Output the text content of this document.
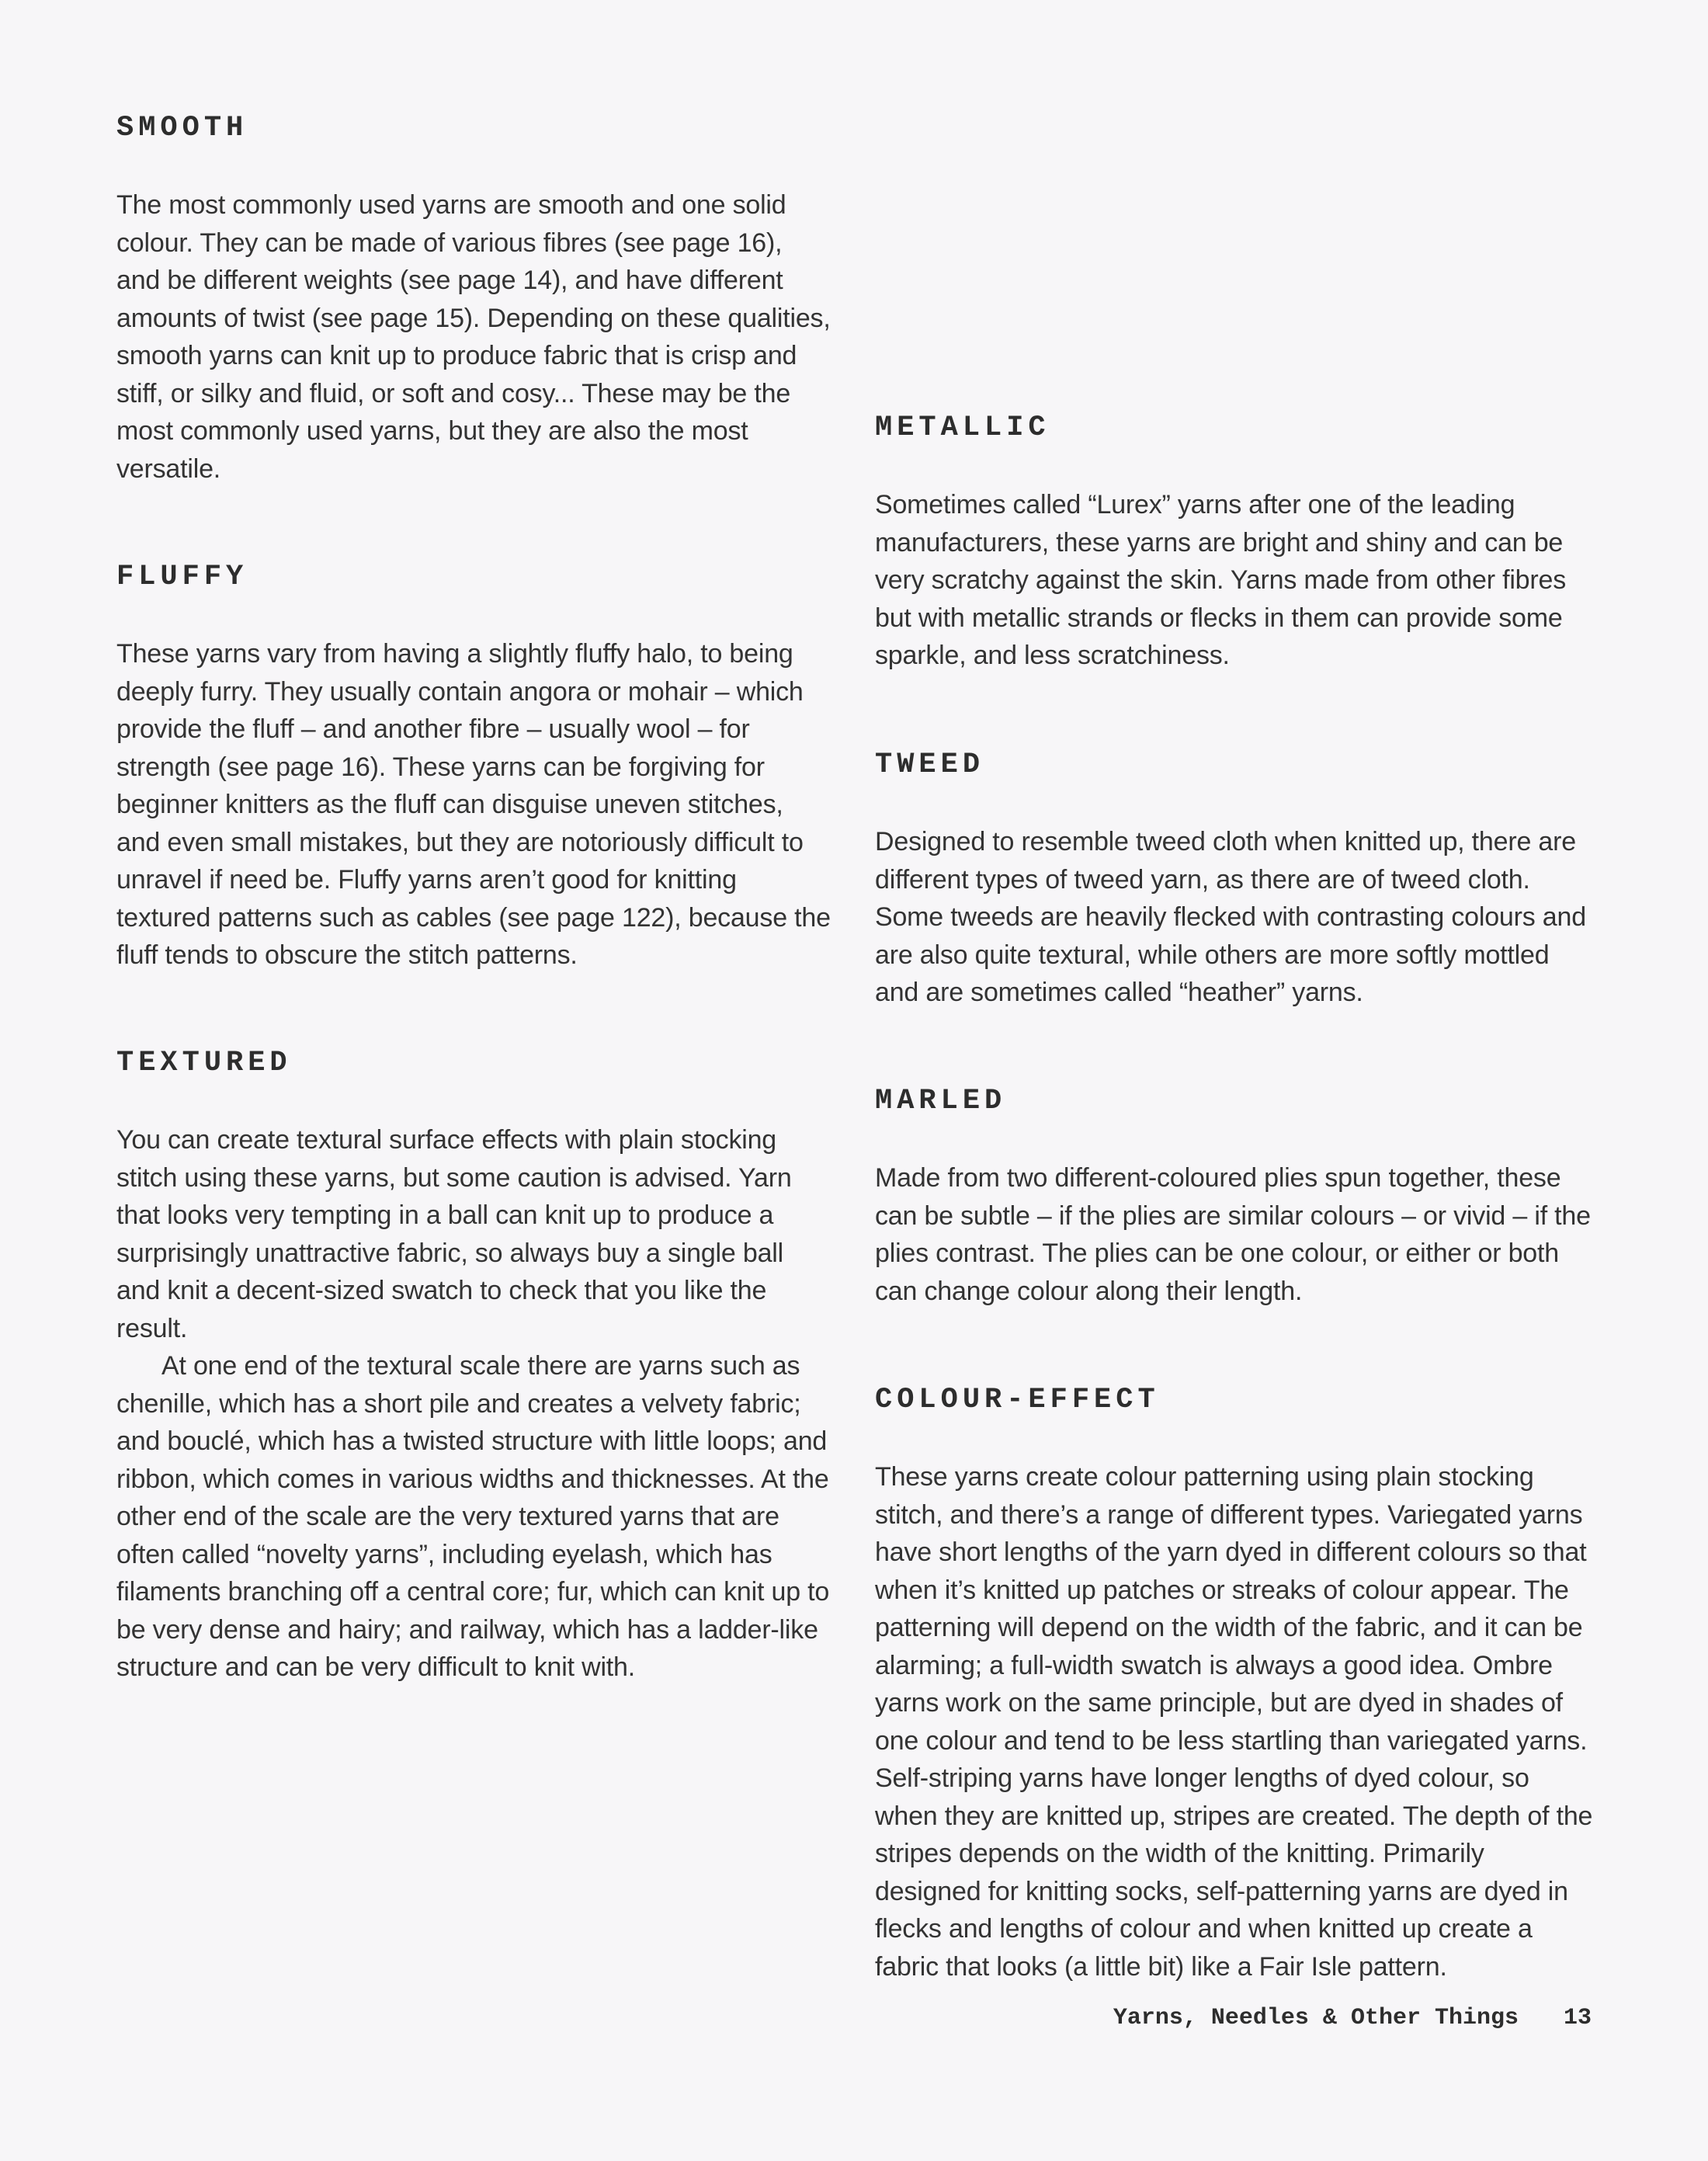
SMOOTH

The most commonly used yarns are smooth and one solid colour. They can be made of various fibres (see page 16), and be different weights (see page 14), and have different amounts of twist (see page 15). Depending on these qualities, smooth yarns can knit up to produce fabric that is crisp and stiff, or silky and fluid, or soft and cosy... These may be the most commonly used yarns, but they are also the most versatile.

FLUFFY

These yarns vary from having a slightly fluffy halo, to being deeply furry. They usually contain angora or mohair – which provide the fluff – and another fibre – usually wool – for strength (see page 16). These yarns can be forgiving for beginner knitters as the fluff can disguise uneven stitches, and even small mistakes, but they are notoriously difficult to unravel if need be. Fluffy yarns aren’t good for knitting textured patterns such as cables (see page 122), because the fluff tends to obscure the stitch patterns.

TEXTURED

You can create textural surface effects with plain stocking stitch using these yarns, but some caution is advised. Yarn that looks very tempting in a ball can knit up to produce a surprisingly unattractive fabric, so always buy a single ball and knit a decent-sized swatch to check that you like the result.

At one end of the textural scale there are yarns such as chenille, which has a short pile and creates a velvety fabric; and bouclé, which has a twisted structure with little loops; and ribbon, which comes in various widths and thicknesses. At the other end of the scale are the very textured yarns that are often called “novelty yarns”, including eyelash, which has filaments branching off a central core; fur, which can knit up to be very dense and hairy; and railway, which has a ladder-like structure and can be very difficult to knit with.

METALLIC

Sometimes called “Lurex” yarns after one of the leading manufacturers, these yarns are bright and shiny and can be very scratchy against the skin. Yarns made from other fibres but with metallic strands or flecks in them can provide some sparkle, and less scratchiness.

TWEED

Designed to resemble tweed cloth when knitted up, there are different types of tweed yarn, as there are of tweed cloth. Some tweeds are heavily flecked with contrasting colours and are also quite textural, while others are more softly mottled and are sometimes called “heather” yarns.

MARLED

Made from two different-coloured plies spun together, these can be subtle – if the plies are similar colours – or vivid – if the plies contrast. The plies can be one colour, or either or both can change colour along their length.

COLOUR-EFFECT

These yarns create colour patterning using plain stocking stitch, and there’s a range of different types. Variegated yarns have short lengths of the yarn dyed in different colours so that when it’s knitted up patches or streaks of colour appear. The patterning will depend on the width of the fabric, and it can be alarming; a full-width swatch is always a good idea. Ombre yarns work on the same principle, but are dyed in shades of one colour and tend to be less startling than variegated yarns. Self-striping yarns have longer lengths of dyed colour, so when they are knitted up, stripes are created. The depth of the stripes depends on the width of the knitting. Primarily designed for knitting socks, self-patterning yarns are dyed in flecks and lengths of colour and when knitted up create a fabric that looks (a little bit) like a Fair Isle pattern.

Yarns, Needles & Other Things 13
